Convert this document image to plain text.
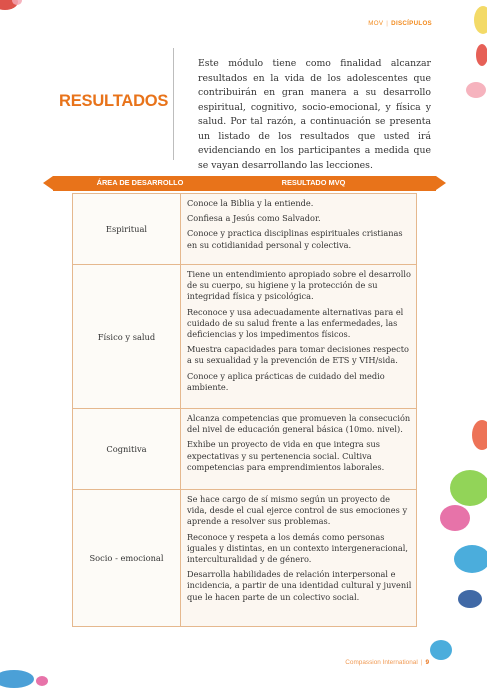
MOV | DISCÍPULOS
RESULTADOS
Este módulo tiene como finalidad alcanzar resultados en la vida de los adolescentes que contribuirán en gran manera a su desarrollo espiritual, cognitivo, socio-emocional, y física y salud. Por tal razón, a continuación se presenta un listado de los resultados que usted irá evidenciando en los participantes a medida que se vayan desarrollando las lecciones.
ÁREA DE DESARROLLO	RESULTADO MVQ
Espiritual

Conoce la Biblia y la entiende.

Confiesa a Jesús como Salvador.

Conoce y practica disciplinas espirituales cristianas en su cotidianidad personal y colectiva.

Físico y salud

Tiene un entendimiento apropiado sobre el desarrollo de su cuerpo, su higiene y la protección de su integridad física y psicológica.

Reconoce y usa adecuadamente alternativas para el cuidado de su salud frente a las enfermedades, las deficiencias y los impedimentos físicos.

Muestra capacidades para tomar decisiones respecto a su sexualidad y la prevención de ETS y VIH/sida.

Conoce y aplica prácticas de cuidado del medio ambiente.

Cognitiva

Alcanza competencias que promueven la consecución del nivel de educación general básica (10mo. nivel).

Exhibe un proyecto de vida en que integra sus expectativas y su pertenencia social. Cultiva competencias para emprendimientos laborales.

Socio - emocional

Se hace cargo de sí mismo según un proyecto de vida, desde el cual ejerce control de sus emociones y aprende a resolver sus problemas.

Reconoce y respeta a los demás como personas iguales y distintas, en un contexto intergeneracional, interculturalidad y de género.

Desarrolla habilidades de relación interpersonal e incidencia, a partir de una identidad cultural y juvenil que le hacen parte de un colectivo social.

Compassion International | 9
